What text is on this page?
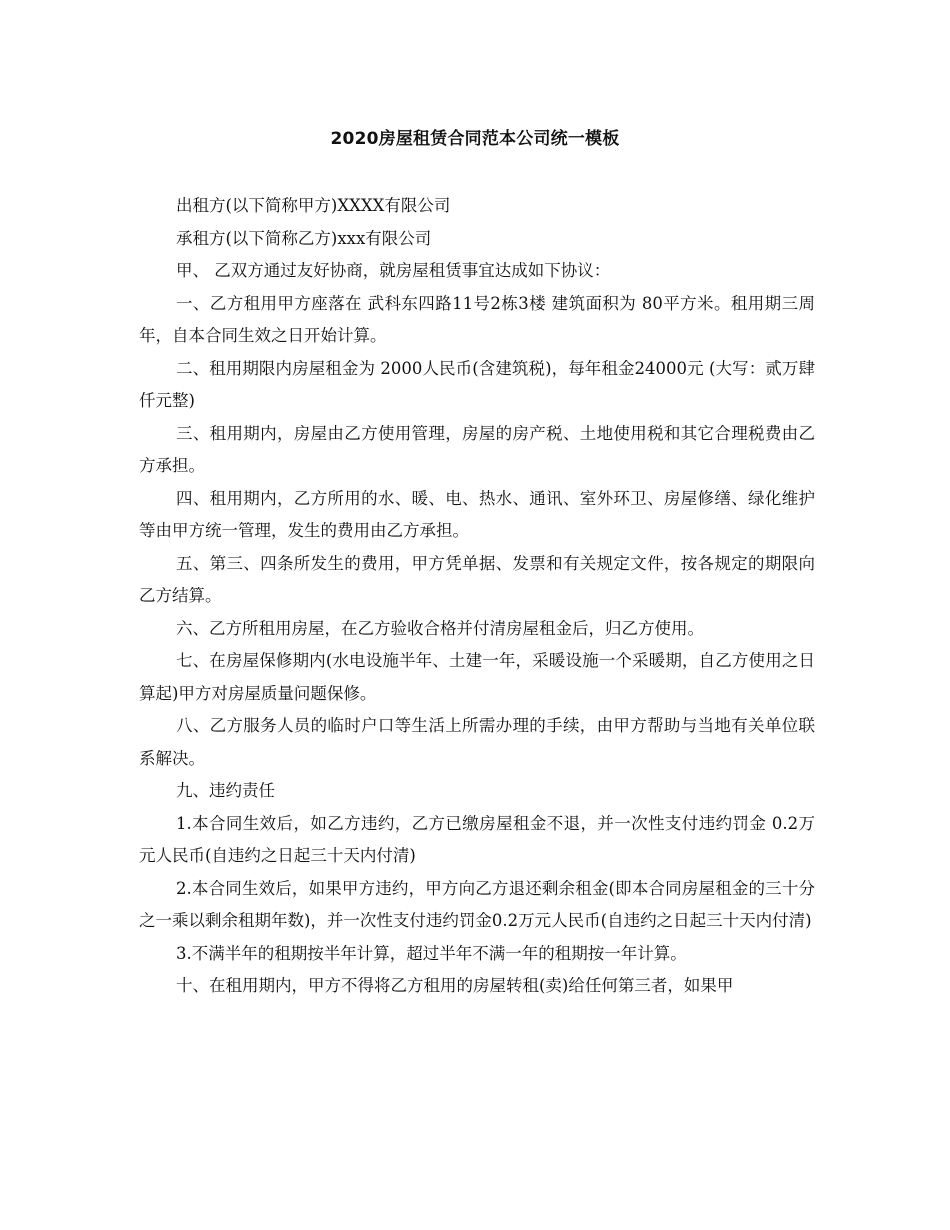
2020房屋租赁合同范本公司统一模板

出租方(以下简称甲方)XXXX有限公司

承租方(以下简称乙方)xxx有限公司

甲、 乙双方通过友好协商，就房屋租赁事宜达成如下协议：

一、乙方租用甲方座落在 武科东四路11号2栋3楼 建筑面积为 80平方米。租用期三周年，自本合同生效之日开始计算。

二、租用期限内房屋租金为 2000人民币(含建筑税)，每年租金24000元 (大写：贰万肆仟元整)

三、租用期内，房屋由乙方使用管理，房屋的房产税、土地使用税和其它合理税费由乙方承担。

四、租用期内，乙方所用的水、暖、电、热水、通讯、室外环卫、房屋修缮、绿化维护等由甲方统一管理，发生的费用由乙方承担。

五、第三、四条所发生的费用，甲方凭单据、发票和有关规定文件，按各规定的期限向乙方结算。

六、乙方所租用房屋，在乙方验收合格并付清房屋租金后，归乙方使用。

七、在房屋保修期内(水电设施半年、土建一年，采暖设施一个采暖期，自乙方使用之日算起)甲方对房屋质量问题保修。

八、乙方服务人员的临时户口等生活上所需办理的手续，由甲方帮助与当地有关单位联系解决。

九、违约责任

1.本合同生效后，如乙方违约，乙方已缴房屋租金不退，并一次性支付违约罚金 0.2万元人民币(自违约之日起三十天内付清)

2.本合同生效后，如果甲方违约，甲方向乙方退还剩余租金(即本合同房屋租金的三十分之一乘以剩余租期年数)，并一次性支付违约罚金0.2万元人民币(自违约之日起三十天内付清)

3.不满半年的租期按半年计算，超过半年不满一年的租期按一年计算。

十、在租用期内，甲方不得将乙方租用的房屋转租(卖)给任何第三者，如果甲
